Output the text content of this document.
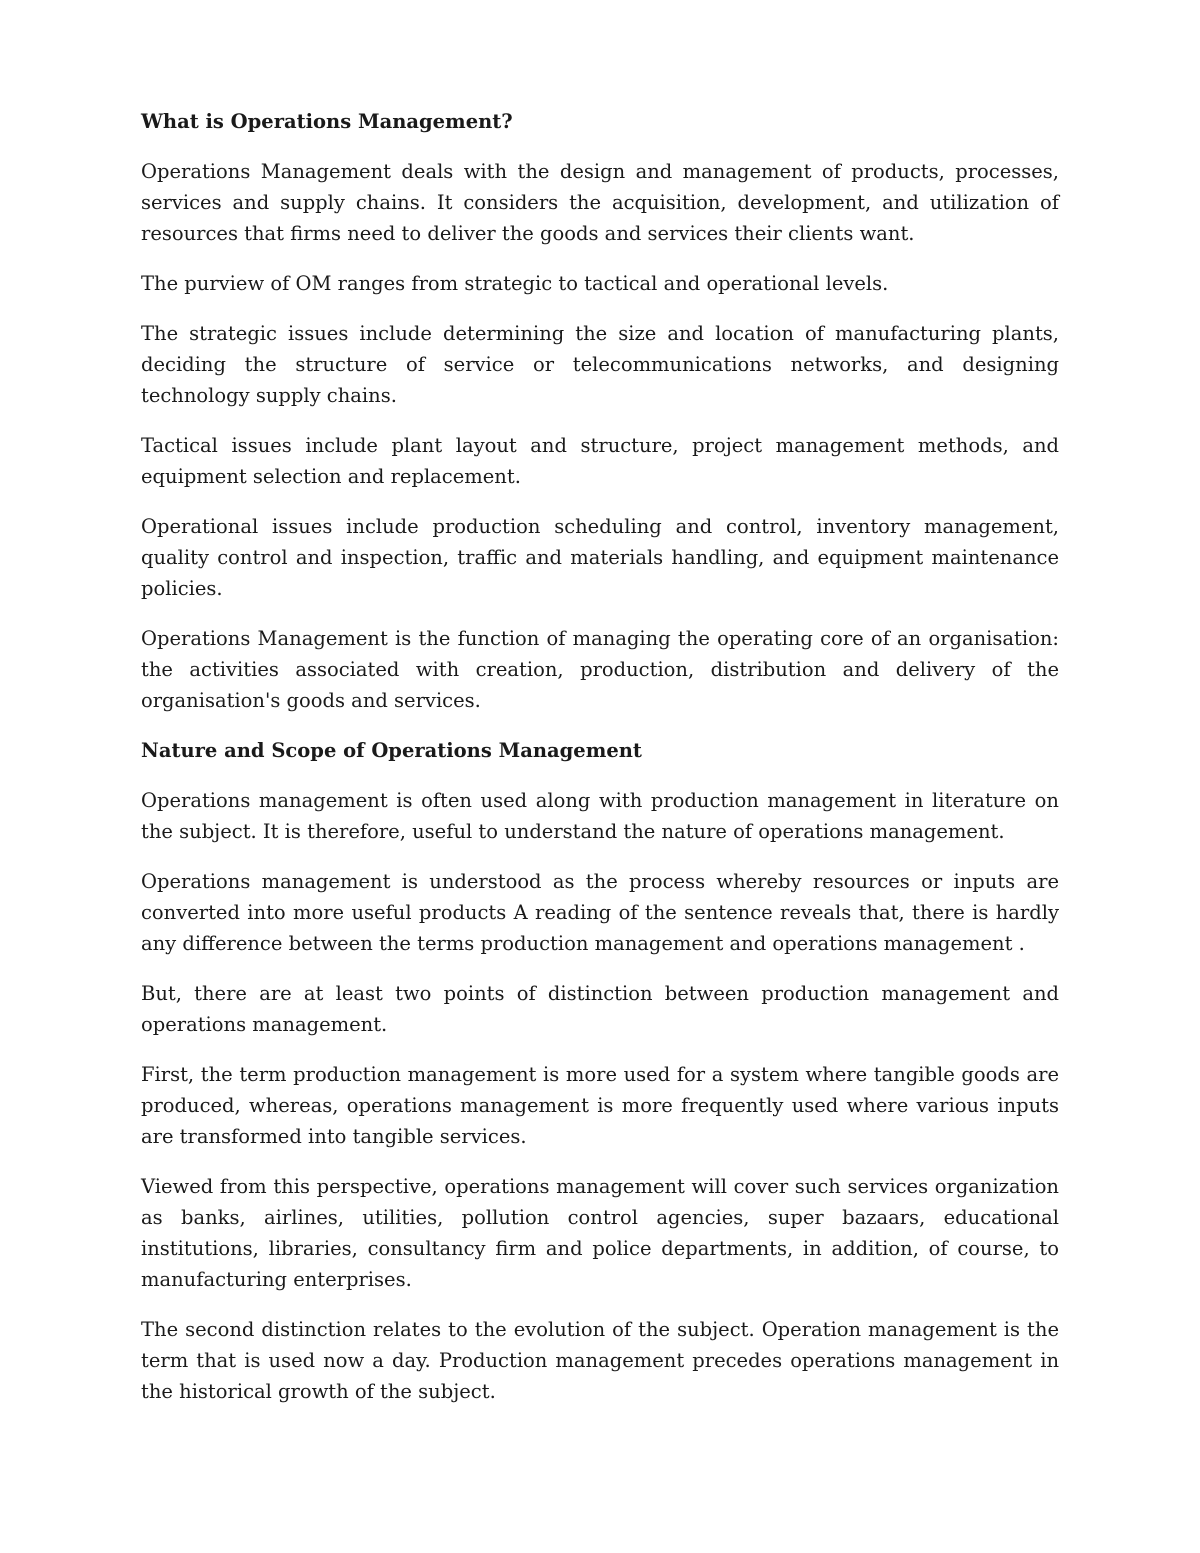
What is Operations Management?

Operations Management deals with the design and management of products, processes, services and supply chains. It considers the acquisition, development, and utilization of resources that firms need to deliver the goods and services their clients want.

The purview of OM ranges from strategic to tactical and operational levels.

The strategic issues include determining the size and location of manufacturing plants, deciding the structure of service or telecommunications networks, and designing technology supply chains.

Tactical issues include plant layout and structure, project management methods, and equipment selection and replacement.

Operational issues include production scheduling and control, inventory management, quality control and inspection, traffic and materials handling, and equipment maintenance policies.

Operations Management is the function of managing the operating core of an organisation: the activities associated with creation, production, distribution and delivery of the organisation's goods and services.

Nature and Scope of Operations Management

Operations management is often used along with production management in literature on the subject. It is therefore, useful to understand the nature of operations management.

Operations management is understood as the process whereby resources or inputs are converted into more useful products A reading of the sentence reveals that, there is hardly any difference between the terms production management and operations management .

But, there are at least two points of distinction between production management and operations management.

First, the term production management is more used for a system where tangible goods are produced, whereas, operations management is more frequently used where various inputs are transformed into tangible services.

Viewed from this perspective, operations management will cover such services organization as banks, airlines, utilities, pollution control agencies, super bazaars, educational institutions, libraries, consultancy firm and police departments, in addition, of course, to manufacturing enterprises.

The second distinction relates to the evolution of the subject. Operation management is the term that is used now a day. Production management precedes operations management in the historical growth of the subject.
